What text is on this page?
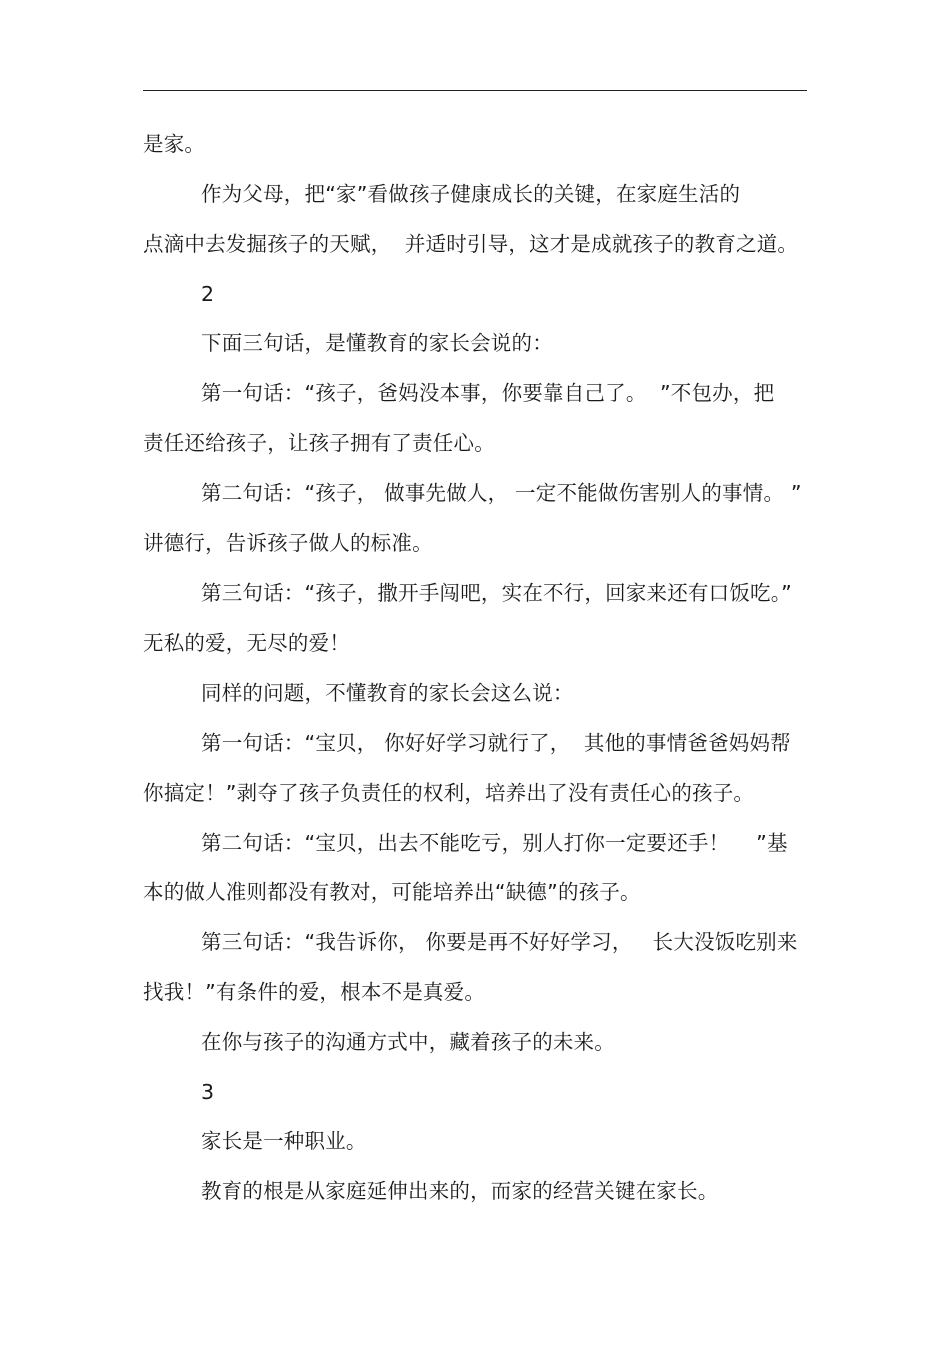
是家。
作为父母，把“家”看做孩子健康成长的关键，在家庭生活的
点滴中去发掘孩子的天赋，  并适时引导，这才是成就孩子的教育之道。
2
下面三句话，是懂教育的家长会说的：
第一句话：“孩子，爸妈没本事，你要靠自己了。  ”不包办，把
责任还给孩子，让孩子拥有了责任心。
第二句话：“孩子， 做事先做人， 一定不能做伤害别人的事情。 ”
讲德行，告诉孩子做人的标准。
第三句话：“孩子，撒开手闯吧，实在不行，回家来还有口饭吃。”
无私的爱，无尽的爱！
同样的问题，不懂教育的家长会这么说：
第一句话：“宝贝， 你好好学习就行了，  其他的事情爸爸妈妈帮
你搞定！”剥夺了孩子负责任的权利，培养出了没有责任心的孩子。
第二句话：“宝贝，出去不能吃亏，别人打你一定要还手！    ”基
本的做人准则都没有教对，可能培养出“缺德”的孩子。
第三句话：“我告诉你， 你要是再不好好学习，   长大没饭吃别来
找我！”有条件的爱，根本不是真爱。
在你与孩子的沟通方式中，藏着孩子的未来。
3
家长是一种职业。
教育的根是从家庭延伸出来的，而家的经营关键在家长。
